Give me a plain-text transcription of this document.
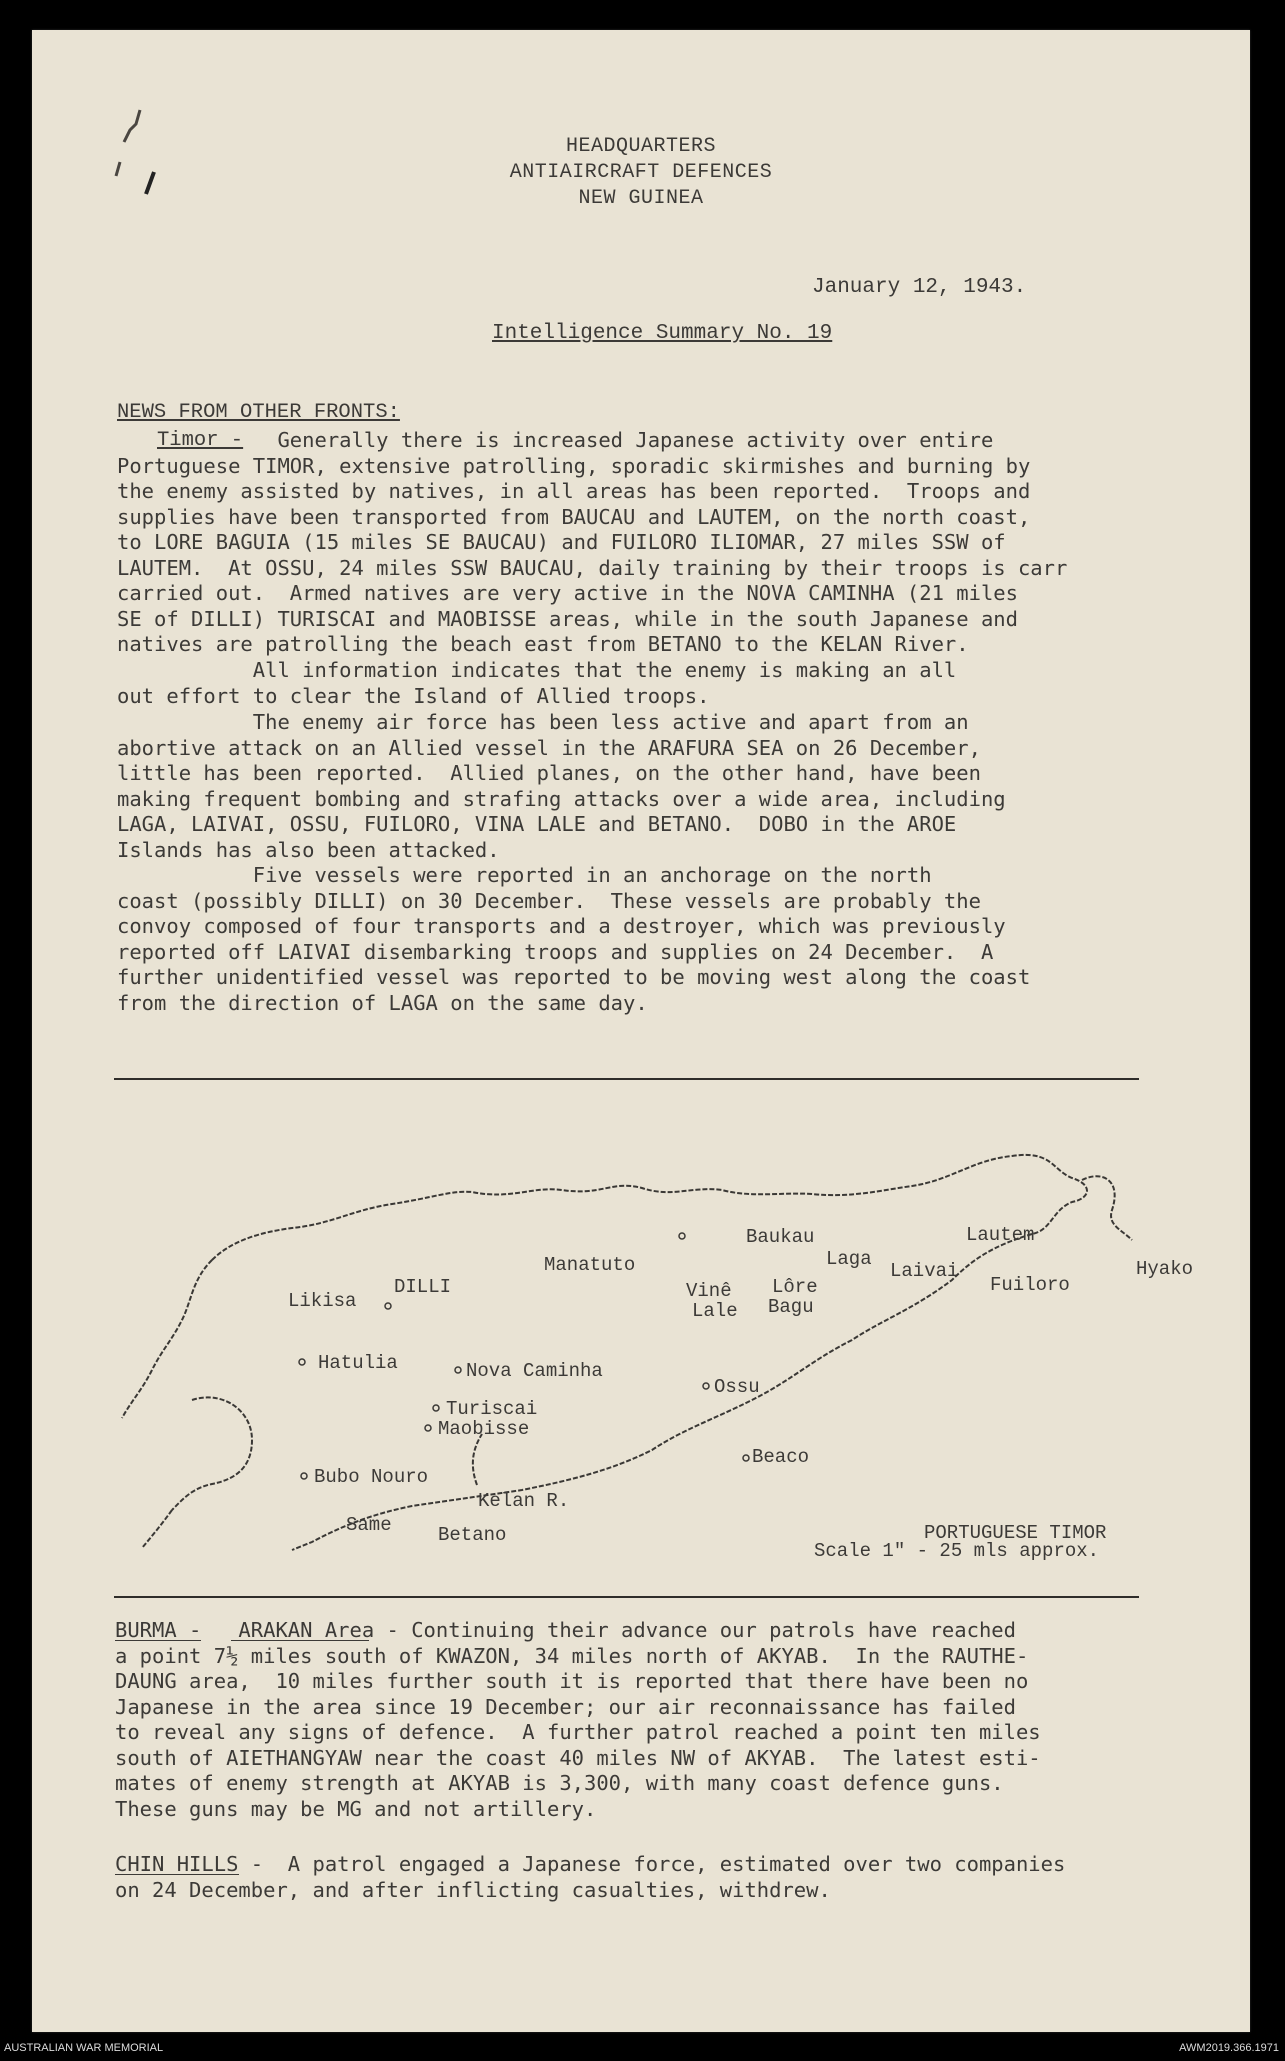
HEADQUARTERS
ANTIAIRCRAFT DEFENCES
NEW GUINEA
January 12, 1943.
Intelligence Summary No. 19
NEWS FROM OTHER FRONTS:
Timor -	Generally there is increased Japanese activity over entire
Portuguese TIMOR, extensive patrolling, sporadic skirmishes and burning by
the enemy assisted by natives, in all areas has been reported.  Troops and
supplies have been transported from BAUCAU and LAUTEM, on the north coast,
to LORE BAGUIA (15 miles SE BAUCAU) and FUILORO ILIOMAR, 27 miles SSW of
LAUTEM.  At OSSU, 24 miles SSW BAUCAU, daily training by their troops is carr
carried out.  Armed natives are very active in the NOVA CAMINHA (21 miles
SE of DILLI) TURISCAI and MAOBISSE areas, while in the south Japanese and
natives are patrolling the beach east from BETANO to the KELAN River.
All information indicates that the enemy is making an all
out effort to clear the Island of Allied troops.
The enemy air force has been less active and apart from an
abortive attack on an Allied vessel in the ARAFURA SEA on 26 December,
little has been reported.  Allied planes, on the other hand, have been
making frequent bombing and strafing attacks over a wide area, including
LAGA, LAIVAI, OSSU, FUILORO, VINA LALE and BETANO.  DOBO in the AROE
Islands has also been attacked.
Five vessels were reported in an anchorage on the north
coast (possibly DILLI) on 30 December.  These vessels are probably the
convoy composed of four transports and a destroyer, which was previously
reported off LAIVAI disembarking troops and supplies on 24 December.  A
further unidentified vessel was reported to be moving west along the coast
from the direction of LAGA on the same day.
Baukau	Lautem
Laga
Laivai	Hyako
Manatuto
DILLI
Likisa	Vinê
Lale
Lôre
Bagu
Fuiloro
Hatulia	Nova Caminha
Ossu
Turiscai
Maobisse
Beaco
Bubo Nouro
Kelan R.
Same Betano	PORTUGUESE TIMOR
Scale 1" - 25 mls approx.
BURMA -   ARAKAN Area - Continuing their advance our patrols have reached
a point 7½ miles south of KWAZON, 34 miles north of AKYAB.  In the RAUTHE-
DAUNG area,  10 miles further south it is reported that there have been no
Japanese in the area since 19 December; our air reconnaissance has failed
to reveal any signs of defence.  A further patrol reached a point ten miles
south of AIETHANGYAW near the coast 40 miles NW of AKYAB.  The latest esti-
mates of enemy strength at AKYAB is 3,300, with many coast defence guns.
These guns may be MG and not artillery.
CHIN HILLS -  A patrol engaged a Japanese force, estimated over two companies
on 24 December, and after inflicting casualties, withdrew.
AUSTRALIAN WAR MEMORIAL	AWM2019.366.1971
